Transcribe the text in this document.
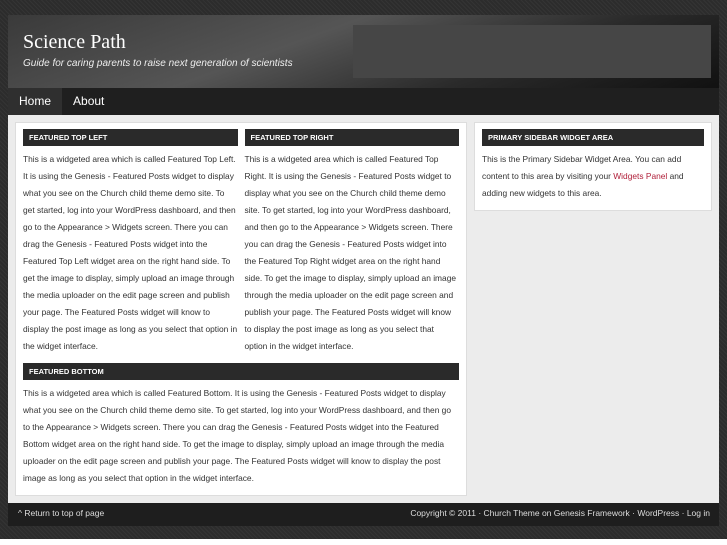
Science Path
Guide for caring parents to raise next generation of scientists
Home	About
FEATURED TOP LEFT
This is a widgeted area which is called Featured Top Left. It is using the Genesis - Featured Posts widget to display what you see on the Church child theme demo site. To get started, log into your WordPress dashboard, and then go to the Appearance > Widgets screen. There you can drag the Genesis - Featured Posts widget into the Featured Top Left widget area on the right hand side. To get the image to display, simply upload an image through the media uploader on the edit page screen and publish your page. The Featured Posts widget will know to display the post image as long as you select that option in the widget interface.
FEATURED TOP RIGHT
This is a widgeted area which is called Featured Top Right. It is using the Genesis - Featured Posts widget to display what you see on the Church child theme demo site. To get started, log into your WordPress dashboard, and then go to the Appearance > Widgets screen. There you can drag the Genesis - Featured Posts widget into the Featured Top Right widget area on the right hand side. To get the image to display, simply upload an image through the media uploader on the edit page screen and publish your page. The Featured Posts widget will know to display the post image as long as you select that option in the widget interface.
FEATURED BOTTOM
This is a widgeted area which is called Featured Bottom. It is using the Genesis - Featured Posts widget to display what you see on the Church child theme demo site. To get started, log into your WordPress dashboard, and then go to the Appearance > Widgets screen. There you can drag the Genesis - Featured Posts widget into the Featured Bottom widget area on the right hand side. To get the image to display, simply upload an image through the media uploader on the edit page screen and publish your page. The Featured Posts widget will know to display the post image as long as you select that option in the widget interface.
PRIMARY SIDEBAR WIDGET AREA
This is the Primary Sidebar Widget Area. You can add content to this area by visiting your Widgets Panel and adding new widgets to this area.
^ Return to top of page	Copyright © 2011 · Church Theme on Genesis Framework · WordPress · Log in
